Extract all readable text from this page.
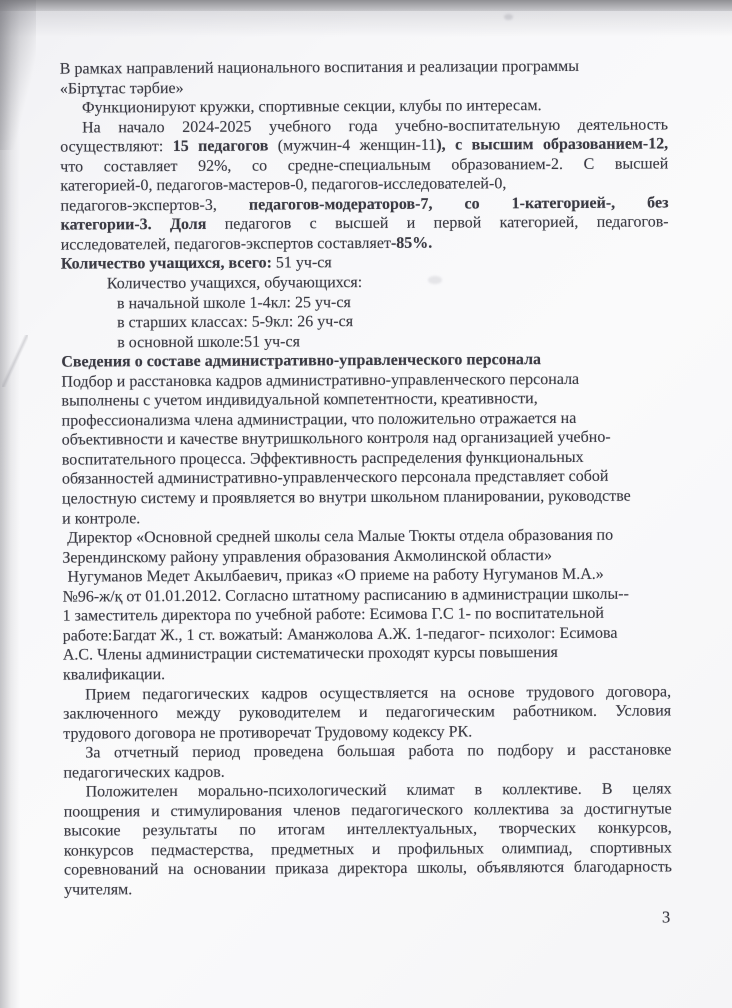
В рамках направлений национального воспитания и реализации программы
«Біртұтас тәрбие»
Функционируют кружки, спортивные секции, клубы по интересам.
На начало 2024-2025 учебного года учебно-воспитательную деятельность
осуществляют: 15 педагогов (мужчин-4 женщин-11), с высшим образованием-12,
что составляет 92%, со средне-специальным образованием-2. С высшей
категорией-0, педагогов-мастеров-0, педагогов-исследователей-0,
педагогов-экспертов-3, педагогов-модераторов-7, со 1-категорией-, без
категории-3. Доля педагогов с высшей и первой категорией, педагогов-
исследователей, педагогов-экспертов составляет-85%.
Количество учащихся, всего: 51 уч-ся
Количество учащихся, обучающихся:
в начальной школе 1-4кл: 25 уч-ся
в старших классах: 5-9кл: 26 уч-ся
в основной школе:51 уч-ся
Сведения о составе административно-управленческого персонала
Подбор и расстановка кадров административно-управленческого персонала
выполнены с учетом индивидуальной компетентности, креативности,
профессионализма члена администрации, что положительно отражается на
объективности и качестве внутришкольного контроля над организацией учебно-
воспитательного процесса. Эффективность распределения функциональных
обязанностей административно-управленческого персонала представляет собой
целостную систему и проявляется во внутри школьном планировании, руководстве
и контроле.
Директор «Основной средней школы села Малые Тюкты отдела образования по
Зерендинскому району управления образования Акмолинской области»
Нугуманов Медет Акылбаевич, приказ «О приеме на работу Нугуманов М.А.»
№96-ж/қ от 01.01.2012. Согласно штатному расписанию в администрации школы--
1 заместитель директора по учебной работе: Есимова Г.С 1- по воспитательной
работе:Багдат Ж., 1 ст. вожатый: Аманжолова А.Ж. 1-педагог- психолог: Есимова
А.С. Члены администрации систематически проходят курсы повышения
квалификации.
Прием педагогических кадров осуществляется на основе трудового договора,
заключенного между руководителем и педагогическим работником. Условия
трудового договора не противоречат Трудовому кодексу РК.
За отчетный период проведена большая работа по подбору и расстановке
педагогических кадров.
Положителен морально-психологический климат в коллективе. В целях
поощрения и стимулирования членов педагогического коллектива за достигнутые
высокие результаты по итогам интеллектуальных, творческих конкурсов,
конкурсов педмастерства, предметных и профильных олимпиад, спортивных
соревнований на основании приказа директора школы, объявляются благодарность
учителям.
3
